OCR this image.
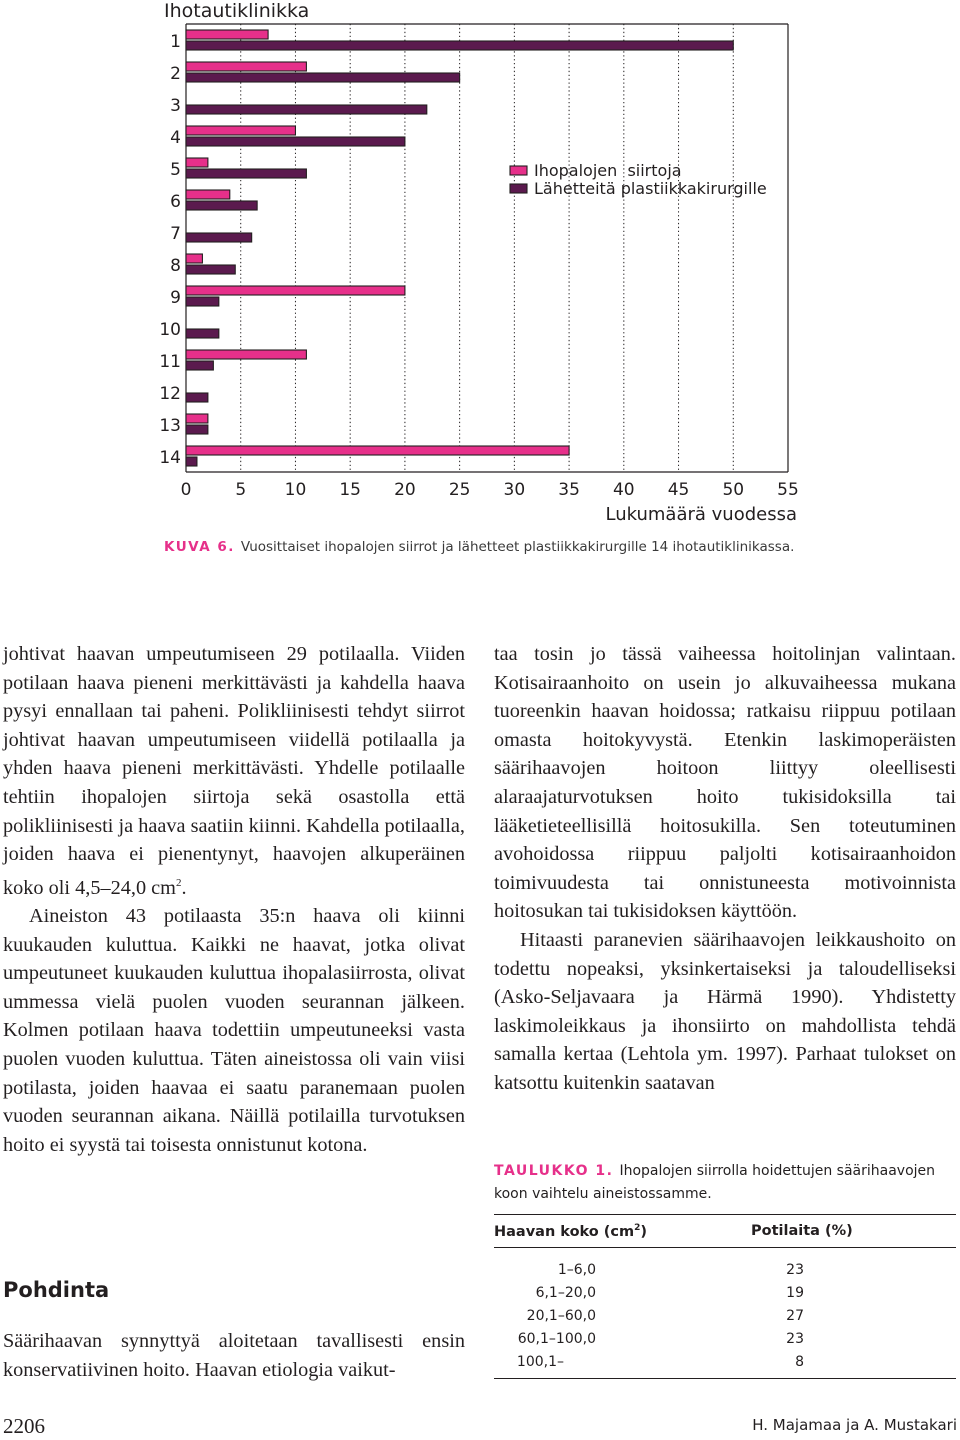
Ihotautiklinikka
0	5 10 15 20 25 30 35 40 45 50 55
Lukumäärä vuodessa
1
2
3
4
5
6
7
8
9
10
11
12
13
14
Ihopalojen  siirtoja
Lähetteitä plastiikkakirurgille
KUVA 6. Vuosittaiset ihopalojen siirrot ja lähetteet plastiikkakirurgille 14 ihotautiklinikassa.

johtivat haavan umpeutumiseen 29 potilaalla. Viiden potilaan haava pieneni merkittävästi ja kahdella haava pysyi ennallaan tai paheni. Polikliinisesti tehdyt siirrot johtivat haavan umpeutumiseen viidellä potilaalla ja yhden haava pieneni merkittävästi. Yhdelle potilaalle tehtiin ihopalojen siirtoja sekä osastolla että polikliinisesti ja haava saatiin kiinni. Kahdella potilaalla, joiden haava ei pienentynyt, haavojen alkuperäinen koko oli 4,5–24,0 $cm^2$.

Aineiston 43 potilaasta 35:n haava oli kiinni kuukauden kuluttua. Kaikki ne haavat, jotka olivat umpeutuneet kuukauden kuluttua ihopalasiirrosta, olivat ummessa vielä puolen vuoden seurannan jälkeen. Kolmen potilaan haava todettiin umpeutuneeksi vasta puolen vuoden kuluttua. Täten aineistossa oli vain viisi potilasta, joiden haavaa ei saatu paranemaan puolen vuoden seurannan aikana. Näillä potilailla turvotuksen hoito ei syystä tai toisesta onnistunut kotona.

Pohdinta

Säärihaavan synnyttyä aloitetaan tavallisesti ensin konservatiivinen hoito. Haavan etiologia vaikut-

taa tosin jo tässä vaiheessa hoitolinjan valintaan. Kotisairaanhoito on usein jo alkuvaiheessa mukana tuoreenkin haavan hoidossa; ratkaisu riippuu potilaan omasta hoitokyvystä. Etenkin laskimoperäisten säärihaavojen hoitoon liittyy oleellisesti alaraajaturvotuksen hoito tukisidoksilla tai lääketieteellisillä hoitosukilla. Sen toteutuminen avohoidossa riippuu paljolti kotisairaanhoidon toimivuudesta tai onnistuneesta motivoinnista hoitosukan tai tukisidoksen käyttöön.

Hitaasti paranevien säärihaavojen leikkaushoito on todettu nopeaksi, yksinkertaiseksi ja taloudelliseksi (Asko-Seljavaara ja Härmä 1990). Yhdistetty laskimoleikkaus ja ihonsiirto on mahdollista tehdä samalla kertaa (Lehtola ym. 1997). Parhaat tulokset on katsottu kuitenkin saatavan

TAULUKKO 1. Ihopalojen siirrolla hoidettujen säärihaavojen koon vaihtelu aineistossamme.
Haavan koko $(cm^2)$	Potilaita (%)
1–6,0	23
6,1–20,0	19
20,1–60,0	27
60,1–100,0	23
100,1–	8
2206	H. Majamaa ja A. Mustakari
